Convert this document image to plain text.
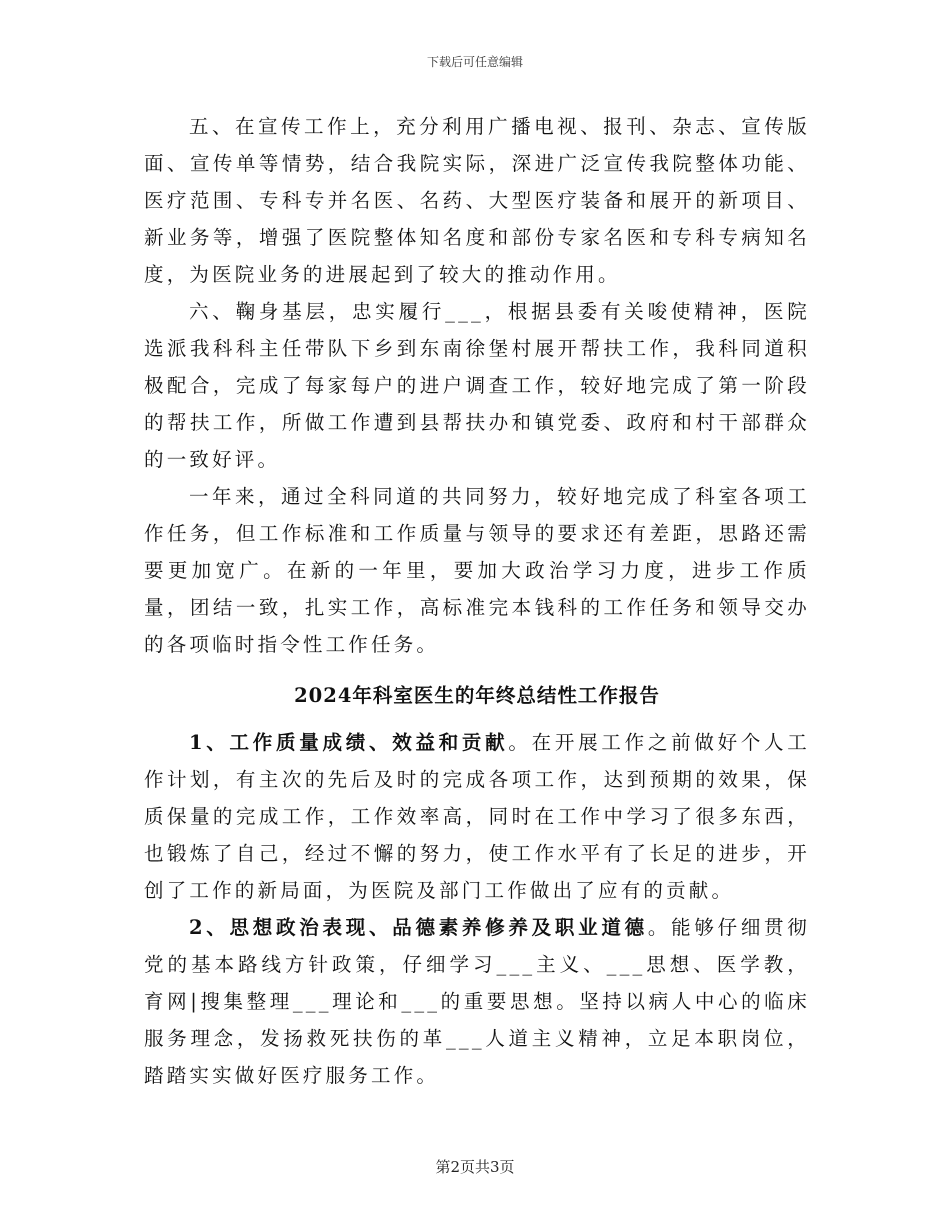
下载后可任意编辑

五、在宣传工作上，充分利用广播电视、报刊、杂志、宣传版面、宣传单等情势，结合我院实际，深进广泛宣传我院整体功能、医疗范围、专科专并名医、名药、大型医疗装备和展开的新项目、新业务等，增强了医院整体知名度和部份专家名医和专科专病知名度，为医院业务的进展起到了较大的推动作用。

六、鞠身基层，忠实履行___，根据县委有关唆使精神，医院选派我科科主任带队下乡到东南徐堡村展开帮扶工作，我科同道积极配合，完成了每家每户的进户调查工作，较好地完成了第一阶段的帮扶工作，所做工作遭到县帮扶办和镇党委、政府和村干部群众的一致好评。

一年来，通过全科同道的共同努力，较好地完成了科室各项工作任务，但工作标准和工作质量与领导的要求还有差距，思路还需要更加宽广。在新的一年里，要加大政治学习力度，进步工作质量，团结一致，扎实工作，高标准完本钱科的工作任务和领导交办的各项临时指令性工作任务。

2024年科室医生的年终总结性工作报告

1、工作质量成绩、效益和贡献。在开展工作之前做好个人工作计划，有主次的先后及时的完成各项工作，达到预期的效果，保质保量的完成工作，工作效率高，同时在工作中学习了很多东西，也锻炼了自己，经过不懈的努力，使工作水平有了长足的进步，开创了工作的新局面，为医院及部门工作做出了应有的贡献。

2、思想政治表现、品德素养修养及职业道德。能够仔细贯彻党的基本路线方针政策，仔细学习___主义、___思想、医学教，育网|搜集整理___理论和___的重要思想。坚持以病人中心的临床服务理念，发扬救死扶伤的革___人道主义精神，立足本职岗位，踏踏实实做好医疗服务工作。

第2页共3页
